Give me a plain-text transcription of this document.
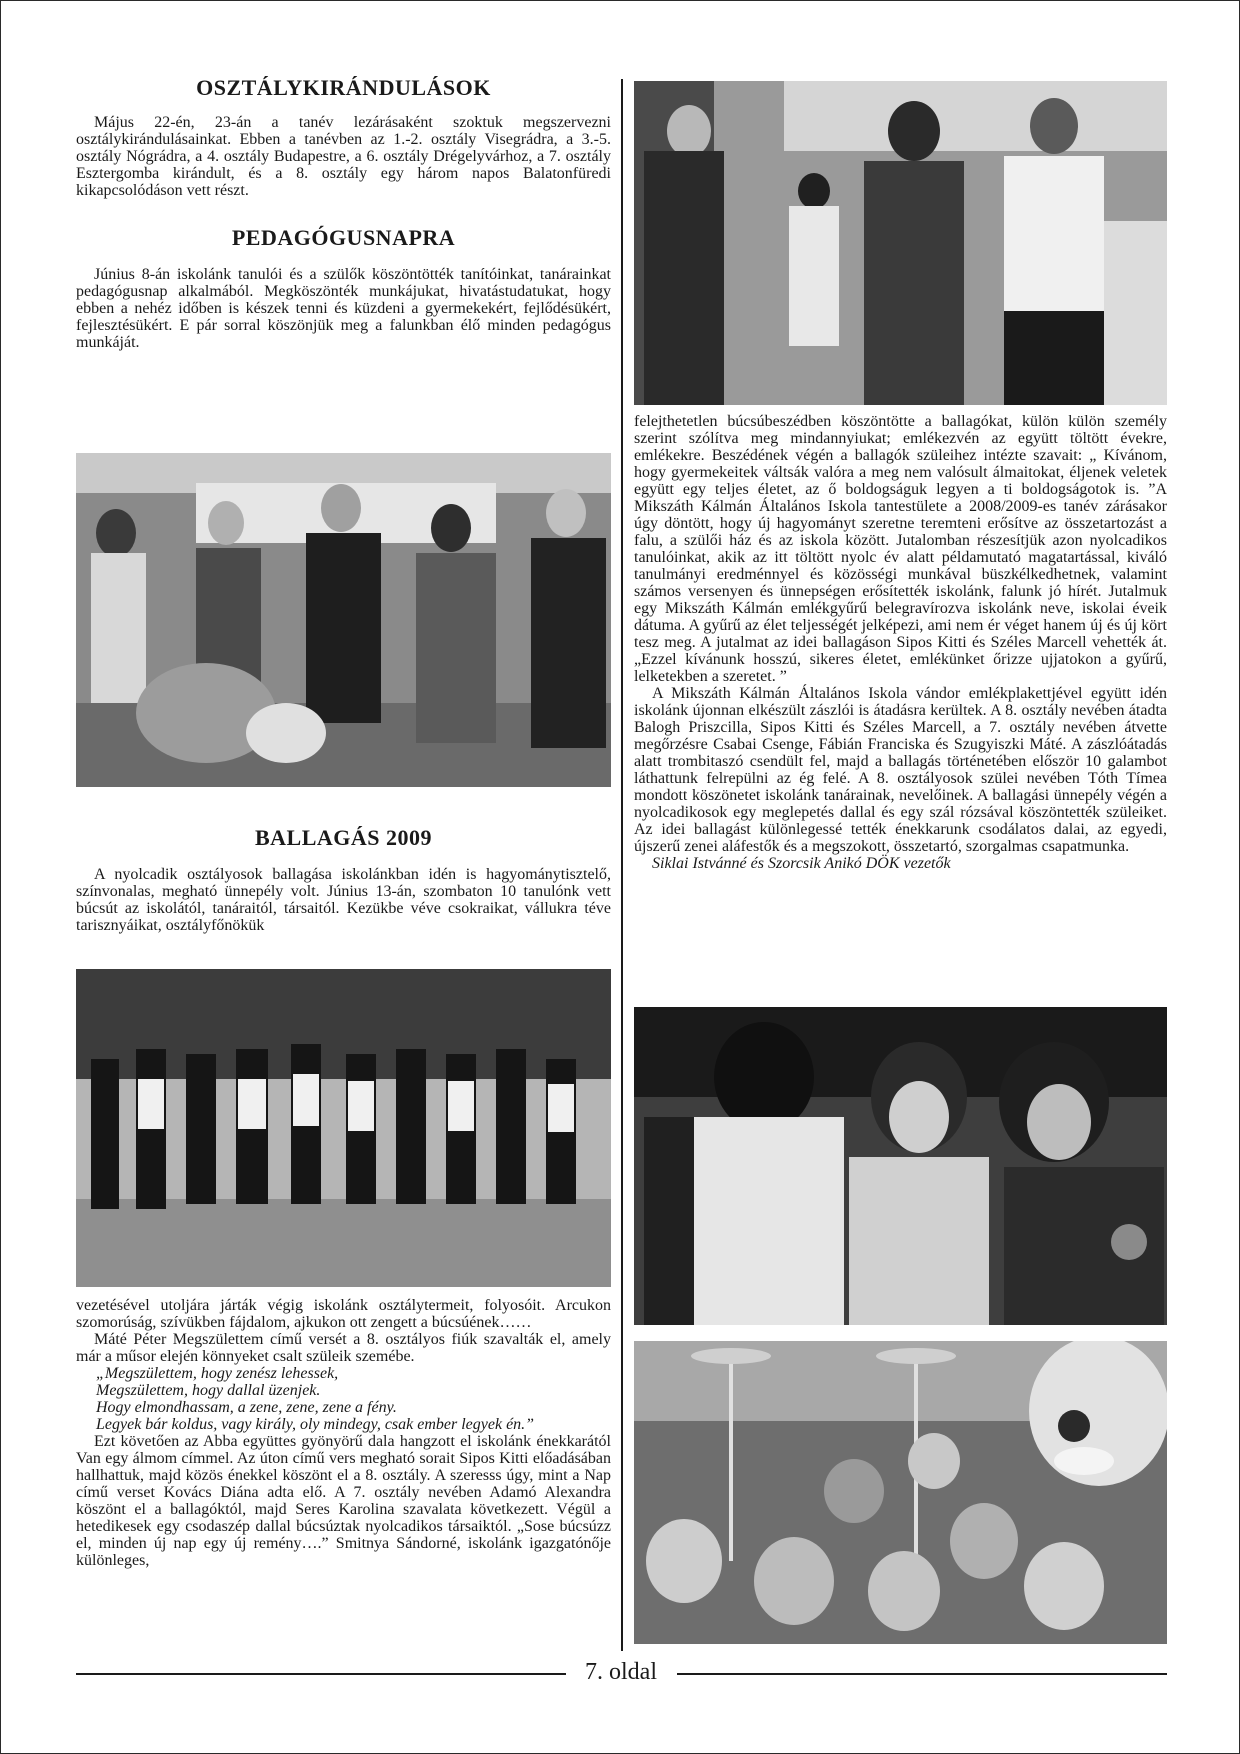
OSZTÁLYKIRÁNDULÁSOK

Május 22-én, 23-án a tanév lezárásaként szoktuk megszervezni osztálykirándulásainkat. Ebben a tanévben az 1.-2. osztály Visegrádra, a 3.-5. osztály Nógrádra, a 4. osztály Budapestre, a 6. osztály Drégelyvárhoz, a 7. osztály Esztergomba kirándult, és a 8. osztály egy három napos Balatonfüredi kikapcsolódáson vett részt.

PEDAGÓGUSNAPRA

Június 8-án iskolánk tanulói és a szülők köszöntötték tanítóinkat, tanárainkat pedagógusnap alkalmából. Megköszönték munkájukat, hivatástudatukat, hogy ebben a nehéz időben is készek tenni és küzdeni a gyermekekért, fejlődésükért, fejlesztésükért. E pár sorral köszönjük meg a falunkban élő minden pedagógus munkáját.

BALLAGÁS 2009

A nyolcadik osztályosok ballagása iskolánkban idén is hagyománytisztelő, színvonalas, megható ünnepély volt. Június 13-án, szombaton 10 tanulónk vett búcsút az iskolától, tanáraitól, társaitól. Kezükbe véve csokraikat, vállukra téve tarisznyáikat, osztályfőnökük

vezetésével utoljára járták végig iskolánk osztálytermeit, folyosóit. Arcukon szomorúság, szívükben fájdalom, ajkukon ott zengett a búcsúének……

Máté Péter Megszülettem című versét a 8. osztályos fiúk szavalták el, amely már a műsor elején könnyeket csalt szüleik szemébe.

„Megszülettem, hogy zenész lehessek,

Megszülettem, hogy dallal üzenjek.

Hogy elmondhassam, a zene, zene, zene a fény.

Legyek bár koldus, vagy király, oly mindegy, csak ember legyek én.”

Ezt követően az Abba együttes gyönyörű dala hangzott el iskolánk énekkarától Van egy álmom címmel. Az úton című vers megható sorait Sipos Kitti előadásában hallhattuk, majd közös énekkel köszönt el a 8. osztály. A szeresss úgy, mint a Nap című verset Kovács Diána adta elő. A 7. osztály nevében Adamó Alexandra köszönt el a ballagóktól, majd Seres Karolina szavalata következett. Végül a hetedikesek egy csodaszép dallal búcsúztak nyolcadikos társaiktól. „Sose búcsúzz el, minden új nap egy új remény….” Smitnya Sándorné, iskolánk igazgatónője különleges,

felejthetetlen búcsúbeszédben köszöntötte a ballagókat, külön külön személy szerint szólítva meg mindannyiukat; emlékezvén az együtt töltött évekre, emlékekre. Beszédének végén a ballagók szüleihez intézte szavait: „ Kívánom, hogy gyermekeitek váltsák valóra a meg nem valósult álmaitokat, éljenek veletek együtt egy teljes életet, az ő boldogságuk legyen a ti boldogságotok is. ”A Mikszáth Kálmán Általános Iskola tantestülete a 2008/2009-es tanév zárásakor úgy döntött, hogy új hagyományt szeretne teremteni erősítve az összetartozást a falu, a szülői ház és az iskola között. Jutalomban részesítjük azon nyolcadikos tanulóinkat, akik az itt töltött nyolc év alatt példamutató magatartással, kiváló tanulmányi eredménnyel és közösségi munkával büszkélkedhetnek, valamint számos versenyen és ünnepségen erősítették iskolánk, falunk jó hírét. Jutalmuk egy Mikszáth Kálmán emlékgyűrű belegravírozva iskolánk neve, iskolai éveik dátuma. A gyűrű az élet teljességét jelképezi, ami nem ér véget hanem új és új kört tesz meg. A jutalmat az idei ballagáson Sipos Kitti és Széles Marcell vehették át. „Ezzel kívánunk hosszú, sikeres életet, emlékünket őrizze ujjatokon a gyűrű, lelketekben a szeretet. ”

A Mikszáth Kálmán Általános Iskola vándor emlékplakettjével együtt idén iskolánk újonnan elkészült zászlói is átadásra kerültek. A 8. osztály nevében átadta Balogh Priszcilla, Sipos Kitti és Széles Marcell, a 7. osztály nevében átvette megőrzésre Csabai Csenge, Fábián Franciska és Szugyiszki Máté. A zászlóátadás alatt trombitaszó csendült fel, majd a ballagás történetében először 10 galambot láthattunk felrepülni az ég felé. A 8. osztályosok szülei nevében Tóth Tímea mondott köszönetet iskolánk tanárainak, nevelőinek. A ballagási ünnepély végén a nyolcadikosok egy meglepetés dallal és egy szál rózsával köszöntették szüleiket. Az idei ballagást különlegessé tették énekkarunk csodálatos dalai, az egyedi, újszerű zenei aláfestők és a megszokott, összetartó, szorgalmas csapatmunka.

Siklai Istvánné és Szorcsik Anikó DÖK vezetők

7. oldal
